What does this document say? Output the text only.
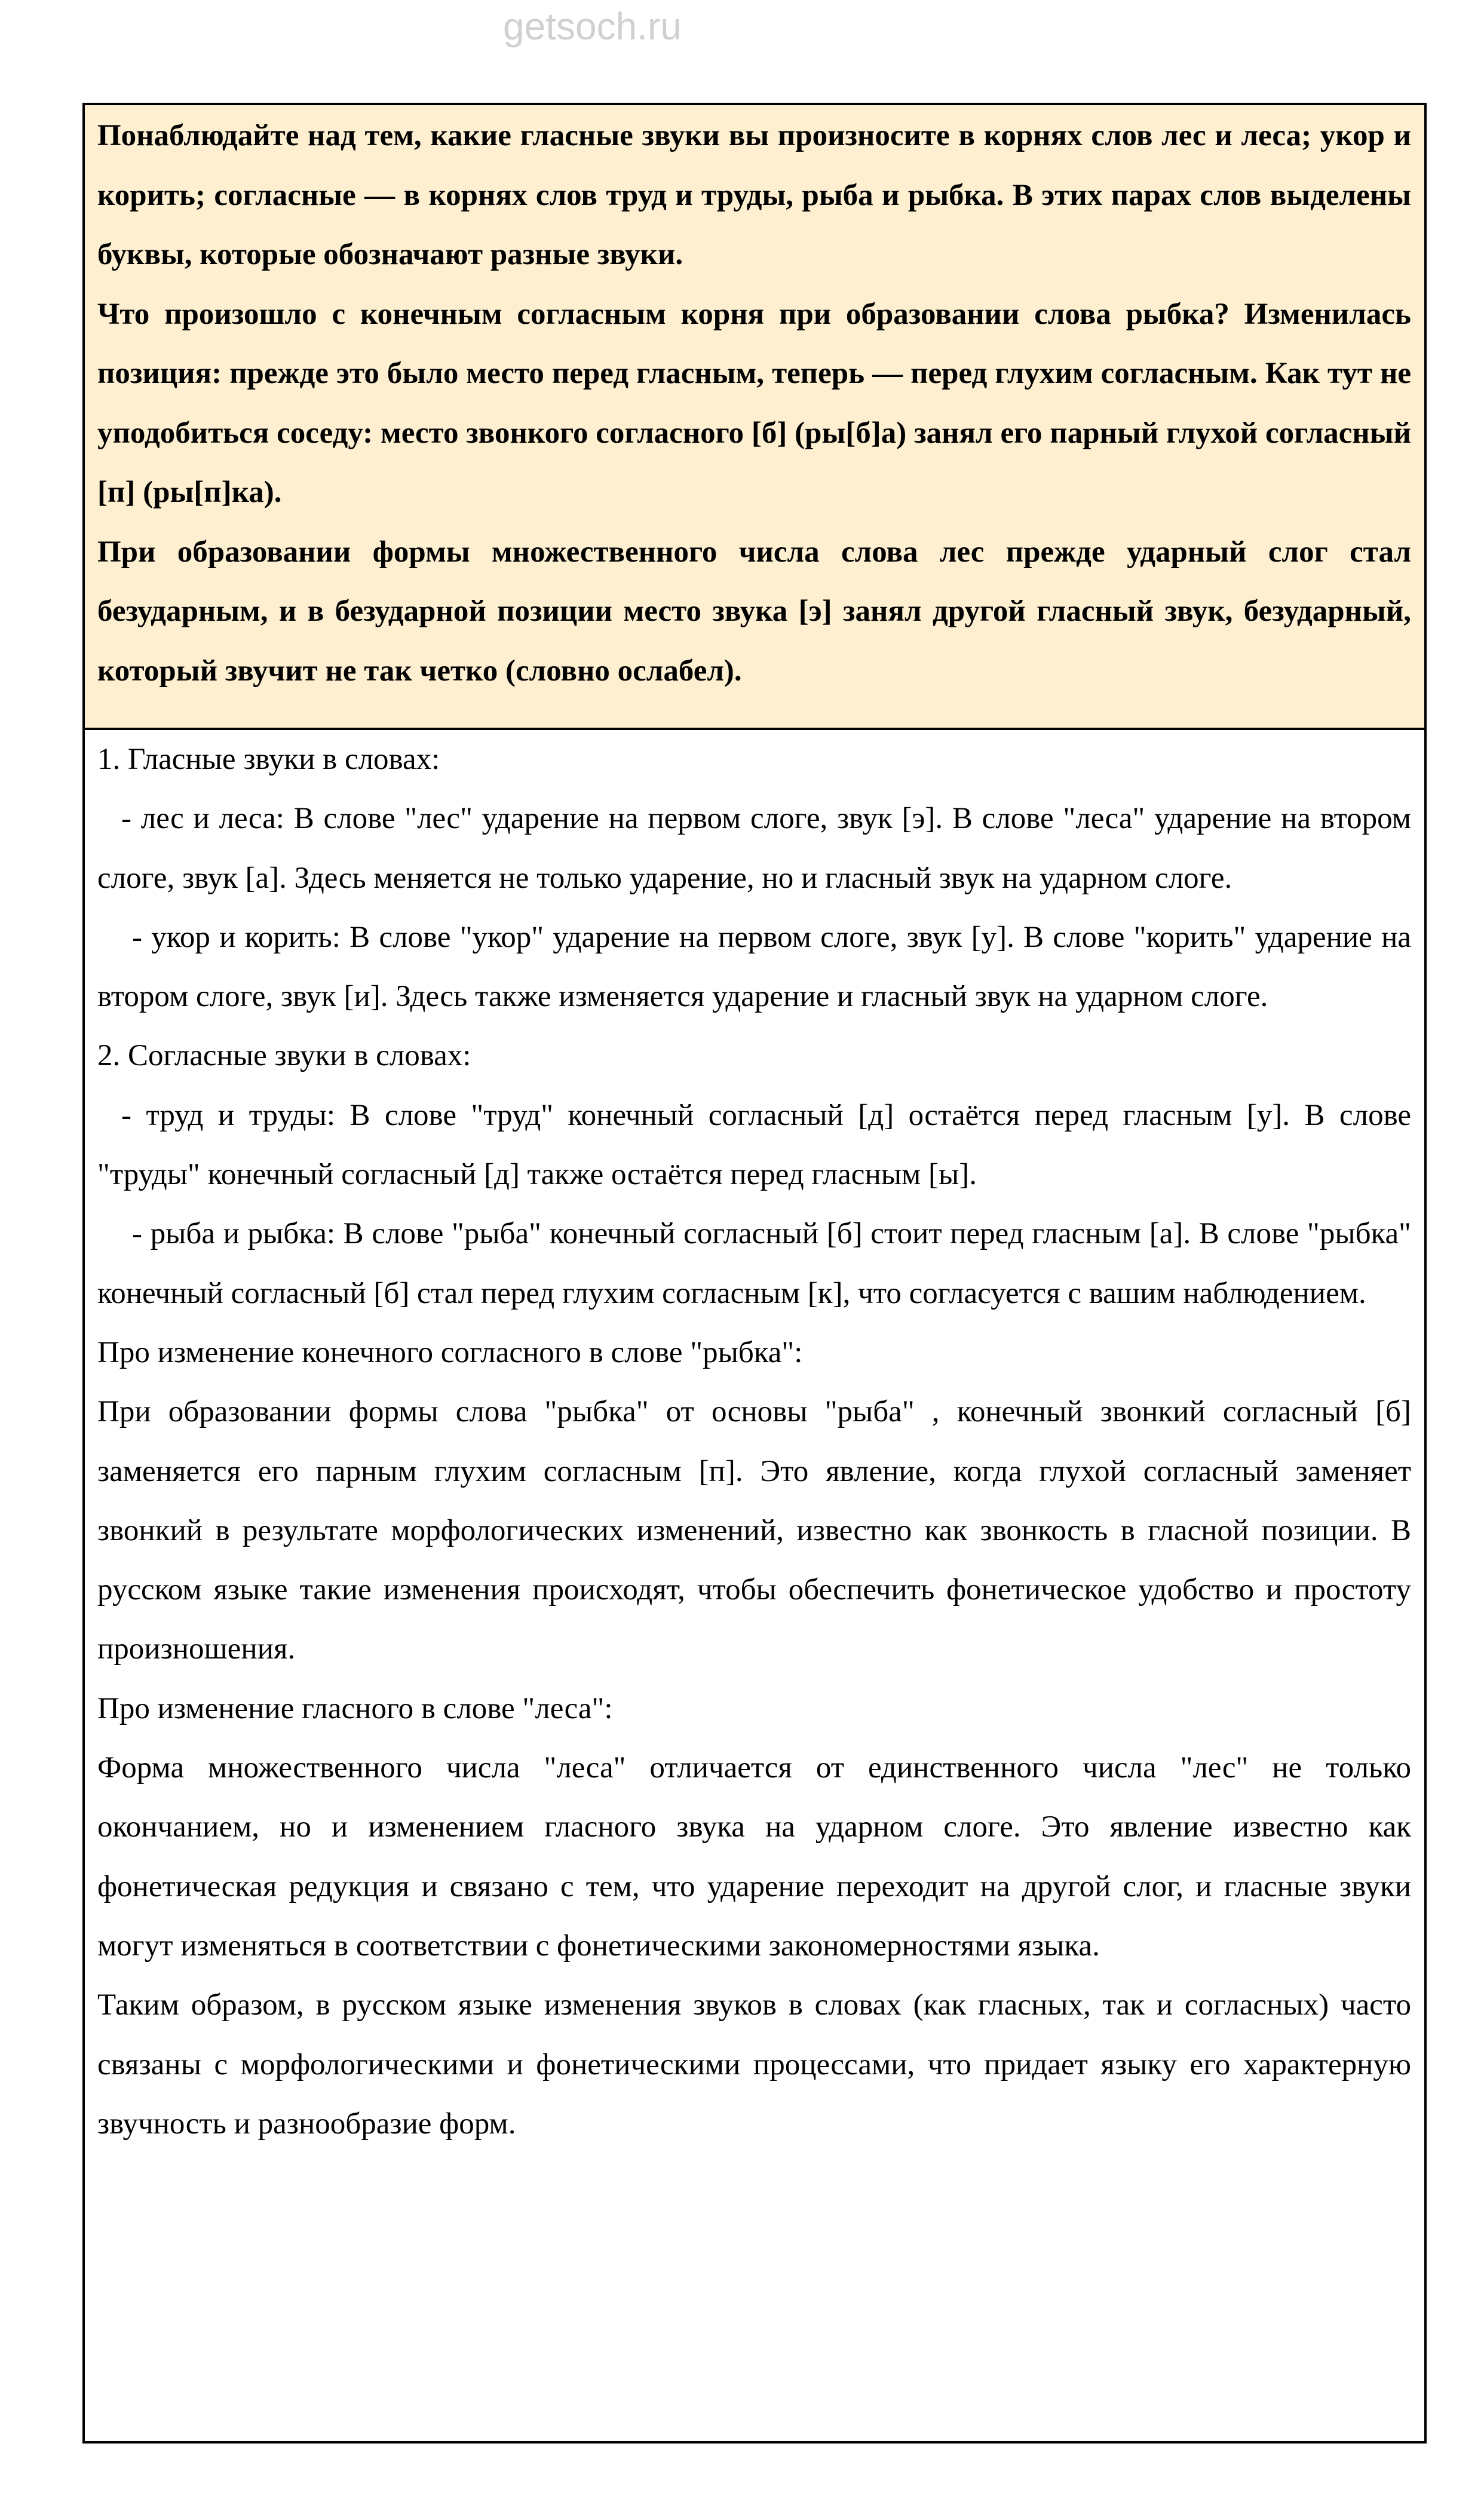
getsoch.ru

Понаблюдайте над тем, какие гласные звуки вы произносите в корнях слов лес и леса; укор и корить; согласные — в корнях слов труд и труды, рыба и рыбка. В этих парах слов выделены буквы, которые обозначают разные звуки.

Что произошло с конечным согласным корня при образовании слова рыбка? Изменилась позиция: прежде это было место перед гласным, теперь — перед глухим согласным. Как тут не уподобиться соседу: место звонкого согласного [б] (ры[б]а) занял его парный глухой согласный [п] (ры[п]ка).

При образовании формы множественного числа слова лес прежде ударный слог стал безударным, и в безударной позиции место звука [э] занял другой гласный звук, безударный, который звучит не так четко (словно ослабел).

1. Гласные звуки в словах:

- лес и леса: В слове "лес" ударение на первом слоге, звук [э]. В слове "леса" ударение на втором слоге, звук [а]. Здесь меняется не только ударение, но и гласный звук на ударном слоге.

- укор и корить: В слове "укор" ударение на первом слоге, звук [у]. В слове "корить" ударение на втором слоге, звук [и]. Здесь также изменяется ударение и гласный звук на ударном слоге.

2. Согласные звуки в словах:

- труд и труды: В слове "труд" конечный согласный [д] остаётся перед гласным [у]. В слове "труды" конечный согласный [д] также остаётся перед гласным [ы].

- рыба и рыбка: В слове "рыба" конечный согласный [б] стоит перед гласным [а]. В слове "рыбка" конечный согласный [б] стал перед глухим согласным [к], что согласуется с вашим наблюдением.

Про изменение конечного согласного в слове "рыбка":

При образовании формы слова "рыбка" от основы "рыба" , конечный звонкий согласный [б] заменяется его парным глухим согласным [п]. Это явление, когда глухой согласный заменяет звонкий в результате морфологических изменений, известно как звонкость в гласной позиции. В русском языке такие изменения происходят, чтобы обеспечить фонетическое удобство и простоту произношения.

Про изменение гласного в слове "леса":

Форма множественного числа "леса" отличается от единственного числа "лес" не только окончанием, но и изменением гласного звука на ударном слоге. Это явление известно как фонетическая редукция и связано с тем, что ударение переходит на другой слог, и гласные звуки могут изменяться в соответствии с фонетическими закономерностями языка.

Таким образом, в русском языке изменения звуков в словах (как гласных, так и согласных) часто связаны с морфологическими и фонетическими процессами, что придает языку его характерную звучность и разнообразие форм.
